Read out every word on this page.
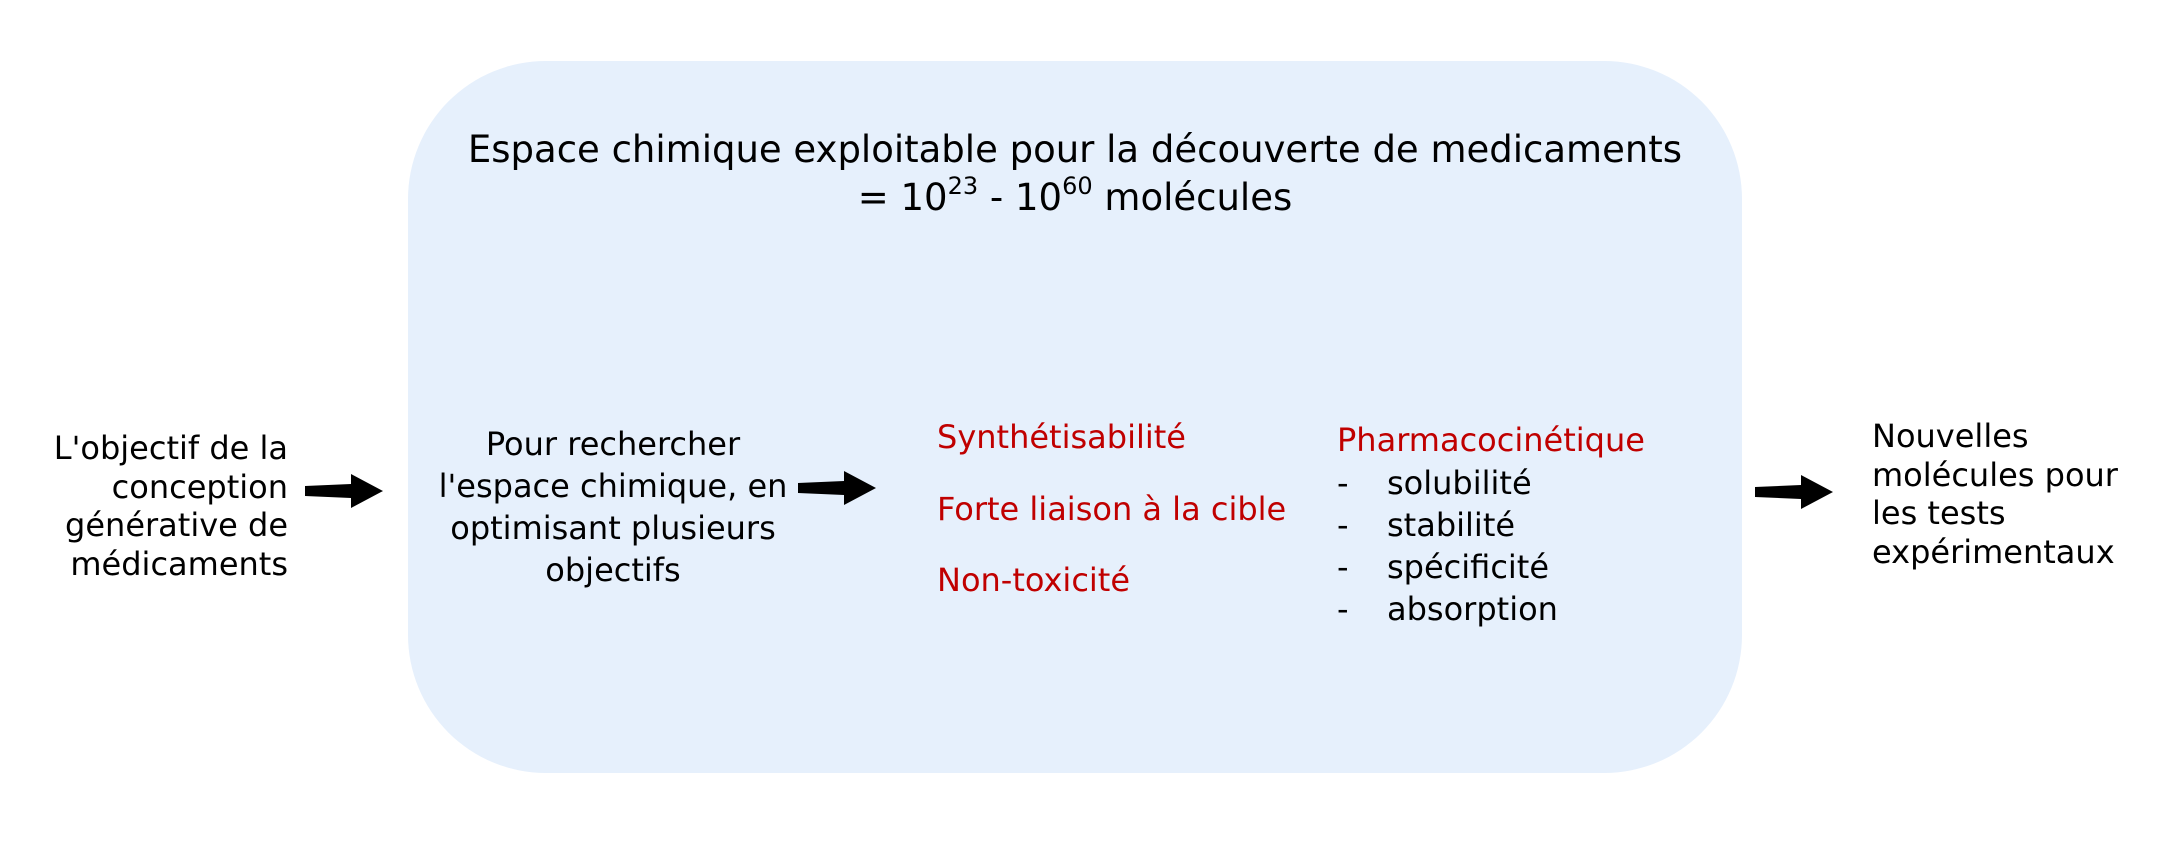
Espace chimique exploitable pour la découverte de medicaments
= $10^{23} - 10^{60}$ molécules
L'objectif de la
conception
générative de
médicaments
Pour rechercher
l'espace chimique, en
optimisant plusieurs
objectifs
Synthétisabilité
Forte liaison à la cible
Non-toxicité
Pharmacocinétique
- solubilité
- stabilité
- spécificité
- absorption
Nouvelles
molécules pour
les tests
expérimentaux
